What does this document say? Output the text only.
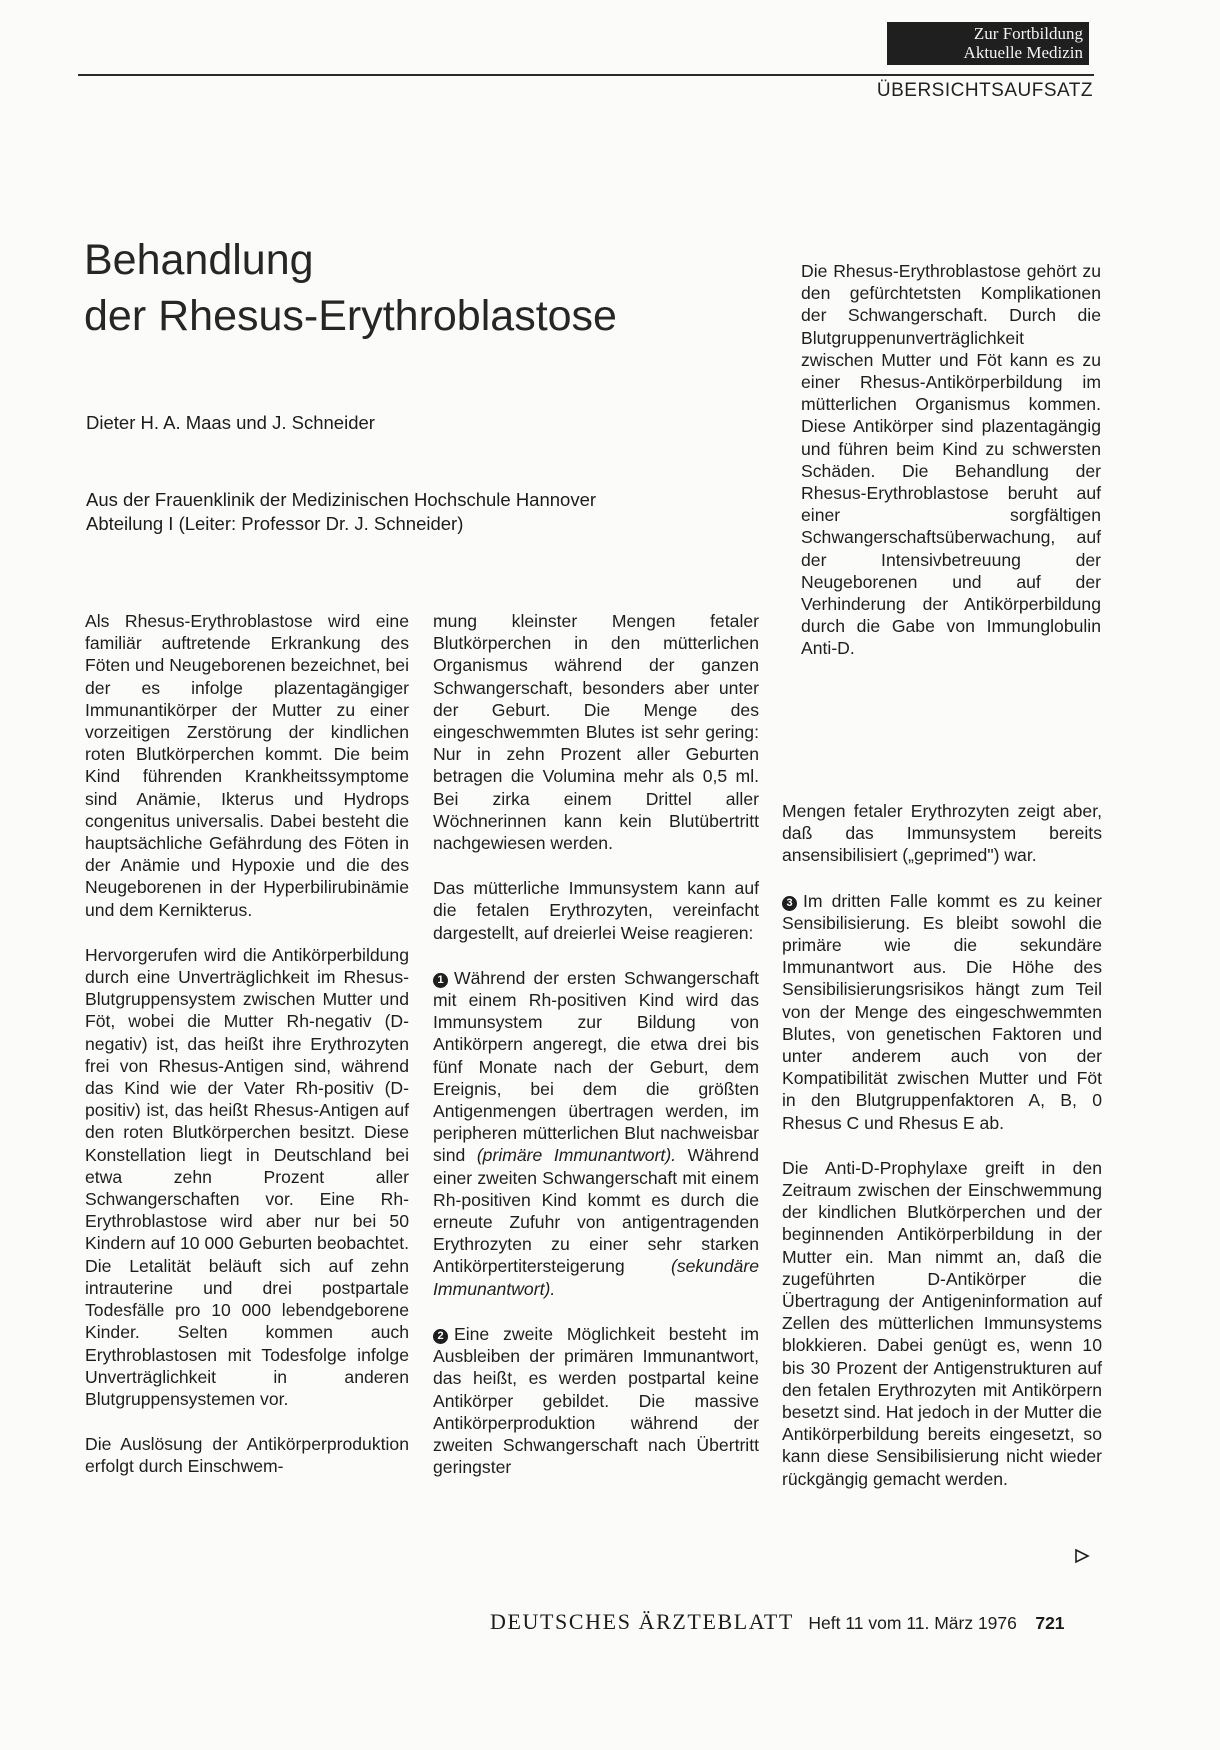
Zur Fortbildung
Aktuelle Medizin
ÜBERSICHTSAUFSATZ
Behandlung
der Rhesus-Erythroblastose
Dieter H. A. Maas und J. Schneider
Aus der Frauenklinik der Medizinischen Hochschule Hannover
Abteilung I (Leiter: Professor Dr. J. Schneider)

Die Rhesus-Erythroblastose gehört zu den gefürchtetsten Komplikationen der Schwangerschaft. Durch die Blutgruppenunverträglichkeit zwischen Mutter und Föt kann es zu einer Rhesus-Antikörperbildung im mütterlichen Organismus kommen. Diese Antikörper sind plazentagängig und führen beim Kind zu schwersten Schäden. Die Behandlung der Rhesus-Erythroblastose beruht auf einer sorgfältigen Schwangerschaftsüberwachung, auf der Intensivbetreuung der Neugeborenen und auf der Verhinderung der Antikörperbildung durch die Gabe von Immunglobulin Anti-D.

Als Rhesus-Erythroblastose wird eine familiär auftretende Erkrankung des Föten und Neugeborenen bezeichnet, bei der es infolge plazentagängiger Immunantikörper der Mutter zu einer vorzeitigen Zerstörung der kindlichen roten Blutkörperchen kommt. Die beim Kind führenden Krankheitssymptome sind Anämie, Ikterus und Hydrops congenitus universalis. Dabei besteht die hauptsächliche Gefährdung des Föten in der Anämie und Hypoxie und die des Neugeborenen in der Hyperbilirubinämie und dem Kernikterus.

Hervorgerufen wird die Antikörperbildung durch eine Unverträglichkeit im Rhesus-Blutgruppensystem zwischen Mutter und Föt, wobei die Mutter Rh-negativ (D-negativ) ist, das heißt ihre Erythrozyten frei von Rhesus-Antigen sind, während das Kind wie der Vater Rh-positiv (D-positiv) ist, das heißt Rhesus-Antigen auf den roten Blutkörperchen besitzt. Diese Konstellation liegt in Deutschland bei etwa zehn Prozent aller Schwangerschaften vor. Eine Rh-Erythroblastose wird aber nur bei 50 Kindern auf 10 000 Geburten beobachtet. Die Letalität beläuft sich auf zehn intrauterine und drei postpartale Todesfälle pro 10 000 lebendgeborene Kinder. Selten kommen auch Erythroblastosen mit Todesfolge infolge Unverträglichkeit in anderen Blutgruppensystemen vor.

Die Auslösung der Antikörperproduktion erfolgt durch Einschwem-

mung kleinster Mengen fetaler Blutkörperchen in den mütterlichen Organismus während der ganzen Schwangerschaft, besonders aber unter der Geburt. Die Menge des eingeschwemmten Blutes ist sehr gering: Nur in zehn Prozent aller Geburten betragen die Volumina mehr als 0,5 ml. Bei zirka einem Drittel aller Wöchnerinnen kann kein Blutübertritt nachgewiesen werden.

Das mütterliche Immunsystem kann auf die fetalen Erythrozyten, vereinfacht dargestellt, auf dreierlei Weise reagieren:

1 Während der ersten Schwangerschaft mit einem Rh-positiven Kind wird das Immunsystem zur Bildung von Antikörpern angeregt, die etwa drei bis fünf Monate nach der Geburt, dem Ereignis, bei dem die größten Antigenmengen übertragen werden, im peripheren mütterlichen Blut nachweisbar sind (primäre Immunantwort). Während einer zweiten Schwangerschaft mit einem Rh-positiven Kind kommt es durch die erneute Zufuhr von antigentragenden Erythrozyten zu einer sehr starken Antikörpertitersteigerung	(sekundäre Immunantwort).

2 Eine zweite Möglichkeit besteht im Ausbleiben der primären Immunantwort, das heißt, es werden postpartal keine Antikörper gebildet. Die massive Antikörperproduktion während der zweiten Schwangerschaft nach Übertritt geringster

Mengen fetaler Erythrozyten zeigt aber, daß das Immunsystem bereits ansensibilisiert („geprimed") war.

3 Im dritten Falle kommt es zu keiner Sensibilisierung. Es bleibt sowohl die primäre wie die sekundäre Immunantwort aus. Die Höhe des Sensibilisierungsrisikos hängt zum Teil von der Menge des eingeschwemmten Blutes, von genetischen Faktoren und unter anderem auch von der Kompatibilität zwischen Mutter und Föt in den Blutgruppenfaktoren A, B, 0 Rhesus C und Rhesus E ab.

Die Anti-D-Prophylaxe greift in den Zeitraum zwischen der Einschwemmung der kindlichen Blutkörperchen und der beginnenden Antikörperbildung in der Mutter ein. Man nimmt an, daß die zugeführten D-Antikörper die Übertragung der Antigeninformation auf Zellen des mütterlichen Immunsystems blokkieren. Dabei genügt es, wenn 10 bis 30 Prozent der Antigenstrukturen auf den fetalen Erythrozyten mit Antikörpern besetzt sind. Hat jedoch in der Mutter die Antikörperbildung bereits eingesetzt, so kann diese Sensibilisierung nicht wieder rückgängig gemacht werden.

DEUTSCHES ÄRZTEBLATT Heft 11 vom 11. März 1976 721
